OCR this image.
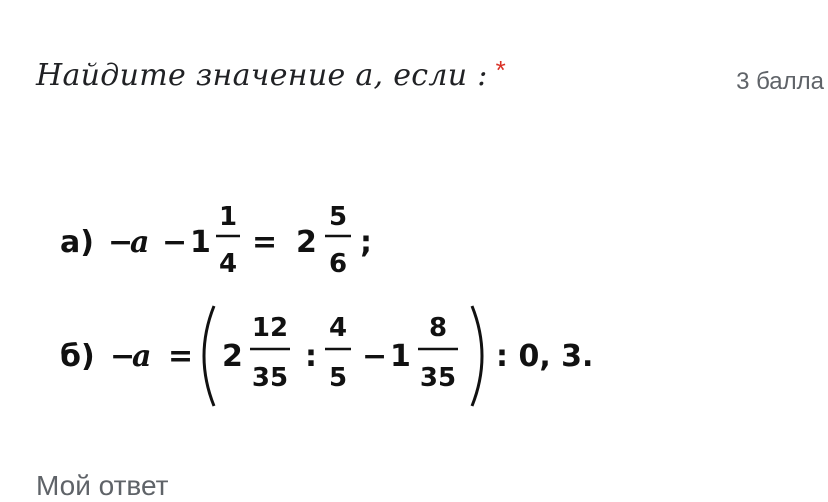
Найдите значение а, если : *	3 балла
а) −
a − 1
1
4
= 2
5
6
;
б) −
a = 2
12
35
:
4
5
− 1
8
35
: 0, 3.
Мой ответ
